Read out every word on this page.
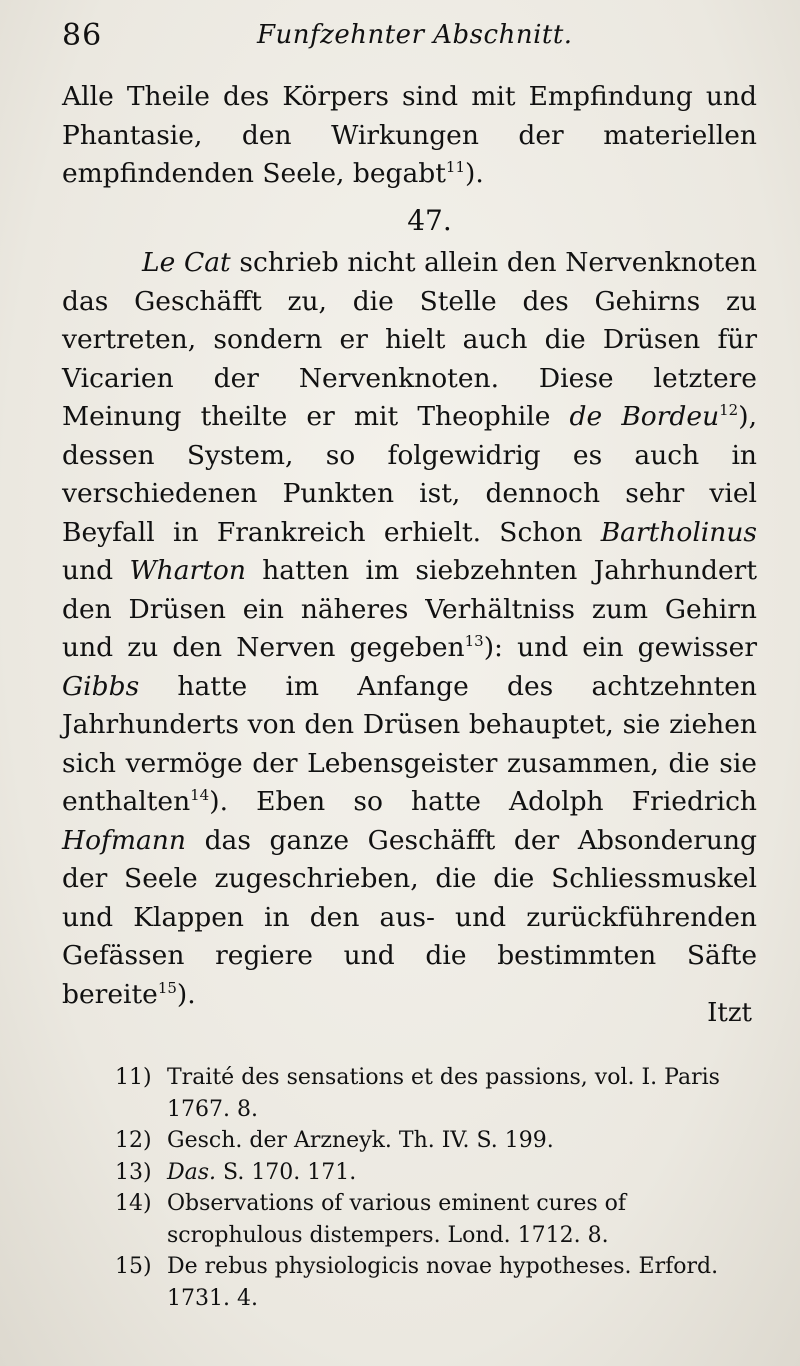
86	Funfzehnter Abschnitt.

Alle Theile des Körpers sind mit Empfindung und Phantasie, den Wirkungen der materiellen empfindenden Seele, begabt$^{11}$).

47.

Le Cat schrieb nicht allein den Nervenknoten das Geschäfft zu, die Stelle des Gehirns zu vertreten, sondern er hielt auch die Drüsen für Vicarien der Nervenknoten. Diese letztere Meinung theilte er mit Theophile de Bordeu$^{12}$), dessen System, so folgewidrig es auch in verschiedenen Punkten ist, dennoch sehr viel Beyfall in Frankreich erhielt. Schon Bartholinus und Wharton hatten im siebzehnten Jahrhundert den Drüsen ein näheres Verhältniss zum Gehirn und zu den Nerven gegeben$^{13}$): und ein gewisser Gibbs hatte im Anfange des achtzehnten Jahrhunderts von den Drüsen behauptet, sie ziehen sich vermöge der Lebensgeister zusammen, die sie enthalten$^{14}$). Eben so hatte Adolph Friedrich Hofmann das ganze Geschäfft der Absonderung der Seele zugeschrieben, die die Schliessmuskel und Klappen in den aus- und zurückführenden Gefässen regiere und die bestimmten Säfte bereite$^{15}$).

Itzt
11) Traité des sensations et des passions, vol. I. Paris 1767. 8.
12) Gesch. der Arzneyk. Th. IV. S. 199.
13) Das. S. 170. 171.
14) Observations of various eminent cures of scrophulous distempers. Lond. 1712. 8.
15) De rebus physiologicis novae hypotheses. Erford. 1731. 4.
